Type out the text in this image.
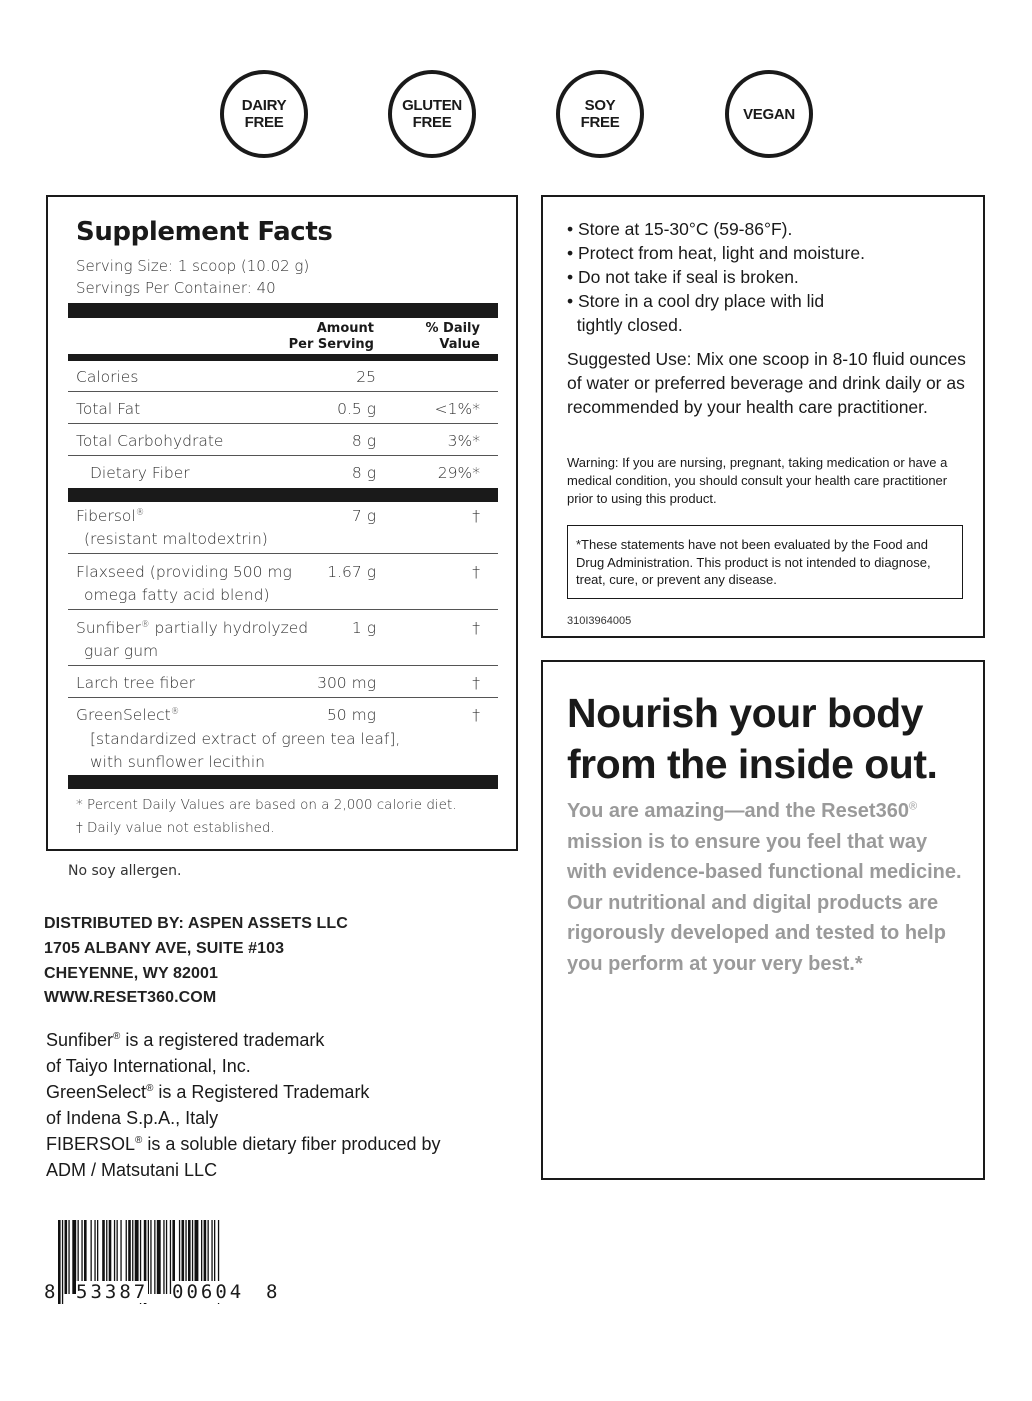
DAIRY
FREE
GLUTEN
FREE
SOY
FREE	VEGAN
Supplement Facts
Serving Size: 1 scoop (10.02 g)
Servings Per Container: 40
Amount
Per Serving
% Daily
Value
Calories	25
Total Fat	0.5 g	<1%*
Total Carbohydrate	8 g	3%*
Dietary Fiber	8 g	29%*
Fibersol®
(resistant maltodextrin)
7 g	†
Flaxseed (providing 500 mg
omega fatty acid blend)
1.67 g	†
Sunfiber® partially hydrolyzed
guar gum
1 g	†
Larch tree fiber	300 mg	†
GreenSelect®
[standardized extract of green tea leaf],
with sunflower lecithin
50 mg	†
* Percent Daily Values are based on a 2,000 calorie diet.
† Daily value not established.
• Store at 15-30°C (59-86°F).
• Protect from heat, light and moisture.
• Do not take if seal is broken.
• Store in a cool dry place with lid
tightly closed.
Suggested Use: Mix one scoop in 8-10 fluid ounces of water or preferred beverage and drink daily or as recommended by your health care practitioner.
Warning: If you are nursing, pregnant, taking medication or have a medical condition, you should consult your health care practitioner prior to using this product.
*These statements have not been evaluated by the Food and Drug Administration. This product is not intended to diagnose, treat, cure, or prevent any disease.
310I3964005
Nourish your body from the inside out.
You are amazing—and the Reset360® mission is to ensure you feel that way with evidence-based functional medicine. Our nutritional and digital products are rigorously developed and tested to help you perform at your very best.*
No soy allergen.
DISTRIBUTED BY: ASPEN ASSETS LLC
1705 ALBANY AVE, SUITE #103
CHEYENNE, WY 82001
WWW.RESET360.COM
Sunfiber® is a registered trademark
of Taiyo International, Inc.
GreenSelect® is a Registered Trademark
of Indena S.p.A., Italy
FIBERSOL® is a soluble dietary fiber produced by
ADM / Matsutani LLC
8 53387 00604 8
